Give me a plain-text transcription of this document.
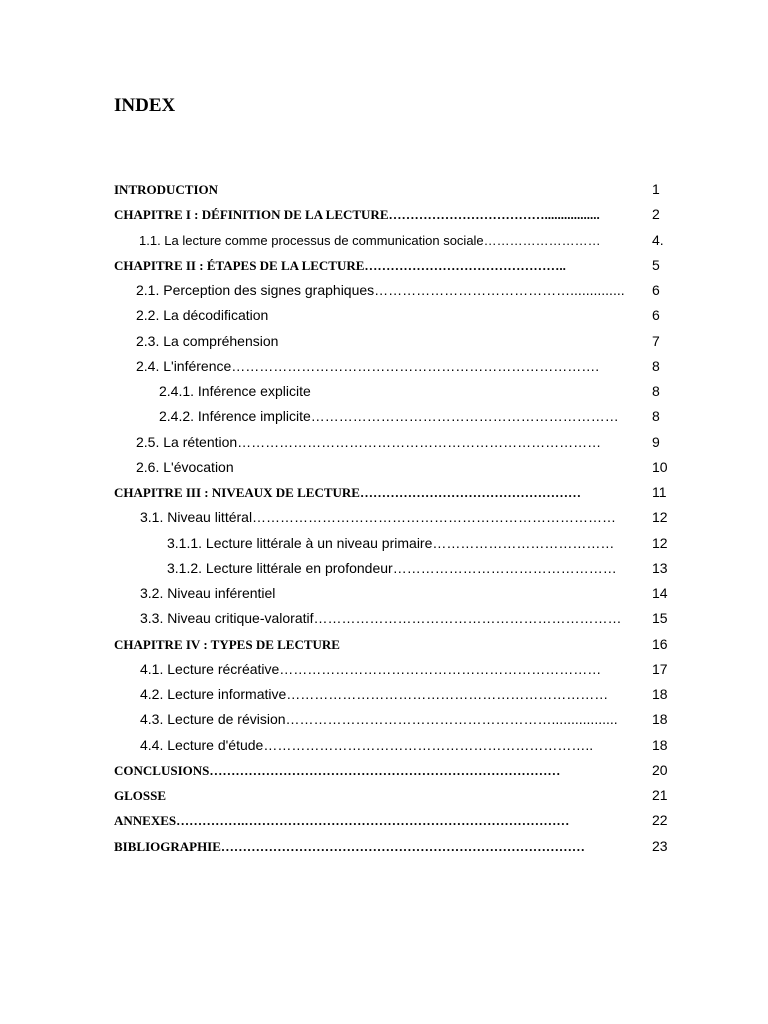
INDEX
INTRODUCTION	1
CHAPITRE I : DÉFINITION DE LA LECTURE……………………………….................	2
1.1. La lecture comme processus de communication sociale………………………	4.
CHAPITRE II : ÉTAPES DE LA LECTURE………………………………………..	5
2.1. Perception des signes graphiques……………………………………..............	6
2.2. La décodification	6
2.3. La compréhension	7
2.4. L'inférence…………………………………………………………………….	8
2.4.1. Inférence explicite	8
2.4.2. Inférence implicite…………………………………………………………	8
2.5. La rétention……………………………………………………………………	9
2.6. L'évocation	10
CHAPITRE III : NIVEAUX DE LECTURE……………………………………………	11
3.1. Niveau littéral……………………………………………………………………	12
3.1.1. Lecture littérale à un niveau primaire…………………………………	12
3.1.2. Lecture littérale en profondeur…………………………………………	13
3.2. Niveau inférentiel	14
3.3. Niveau critique-valoratif…………………………………………………………	15
CHAPITRE IV : TYPES DE LECTURE	16
4.1. Lecture récréative……………………………………………………………	17
4.2. Lecture informative……………………………………………………………	18
4.3. Lecture de révision………………………………………………….................	18
4.4. Lecture d'étude……………………………………………………………..	18
CONCLUSIONS………………………………………………………………………	20
GLOSSE	21
ANNEXES…………….…………………………………………………………………	22
BIBLIOGRAPHIE…………………………………………………………………………	23
